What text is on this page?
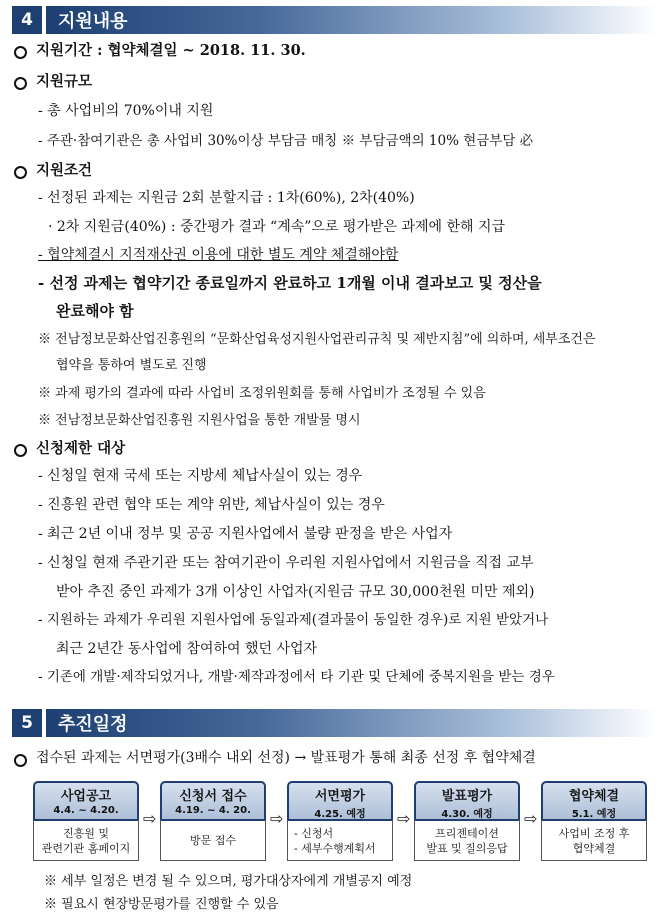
4	지원내용
지원기간 : 협약체결일 ~ 2018. 11. 30.
지원규모
- 총 사업비의 70%이내 지원
- 주관·참여기관은 총 사업비 30%이상 부담금 매칭 ※ 부담금액의 10% 현금부담 必
지원조건
- 선정된 과제는 지원금 2회 분할지급 : 1차(60%), 2차(40%)
· 2차 지원금(40%) : 중간평가 결과 “계속”으로 평가받은 과제에 한해 지급
- 협약체결시 지적재산권 이용에 대한 별도 계약 체결해야함
- 선정 과제는 협약기간 종료일까지 완료하고 1개월 이내 결과보고 및 정산을
완료해야 함
※ 전남정보문화산업진흥원의 “문화산업육성지원사업관리규칙 및 제반지침”에 의하며, 세부조건은
협약을 통하여 별도로 진행
※ 과제 평가의 결과에 따라 사업비 조정위원회를 통해 사업비가 조정될 수 있음
※ 전남정보문화산업진흥원 지원사업을 통한 개발물 명시
신청제한 대상
- 신청일 현재 국세 또는 지방세 체납사실이 있는 경우
- 진흥원 관련 협약 또는 계약 위반, 체납사실이 있는 경우
- 최근 2년 이내 정부 및 공공 지원사업에서 불량 판정을 받은 사업자
- 신청일 현재 주관기관 또는 참여기관이 우리원 지원사업에서 지원금을 직접 교부
받아 추진 중인 과제가 3개 이상인 사업자(지원금 규모 30,000천원 미만 제외)
- 지원하는 과제가 우리원 지원사업에 동일과제(결과물이 동일한 경우)로 지원 받았거나
최근 2년간 동사업에 참여하여 했던 사업자
- 기존에 개발·제작되었거나, 개발·제작과정에서 타 기관 및 단체에 중복지원을 받는 경우
5	추진일정
접수된 과제는 서면평가(3배수 내외 선정) → 발표평가 통해 최종 선정 후 협약체결
사업공고
4.4. ~ 4.20.
진흥원 및
관련기관 홈페이지
⇨
신청서 접수
4.19. ~ 4. 20.
방문 접수
⇨
서면평가
4.25. 예정
- 신청서
- 세부수행계획서
⇨
발표평가
4.30. 예정
프리젠테이션
발표 및 질의응답
⇨
협약체결
5.1. 예정
사업비 조정 후
협약체결
※ 세부 일정은 변경 될 수 있으며, 평가대상자에게 개별공지 예정
※ 필요시 현장방문평가를 진행할 수 있음
